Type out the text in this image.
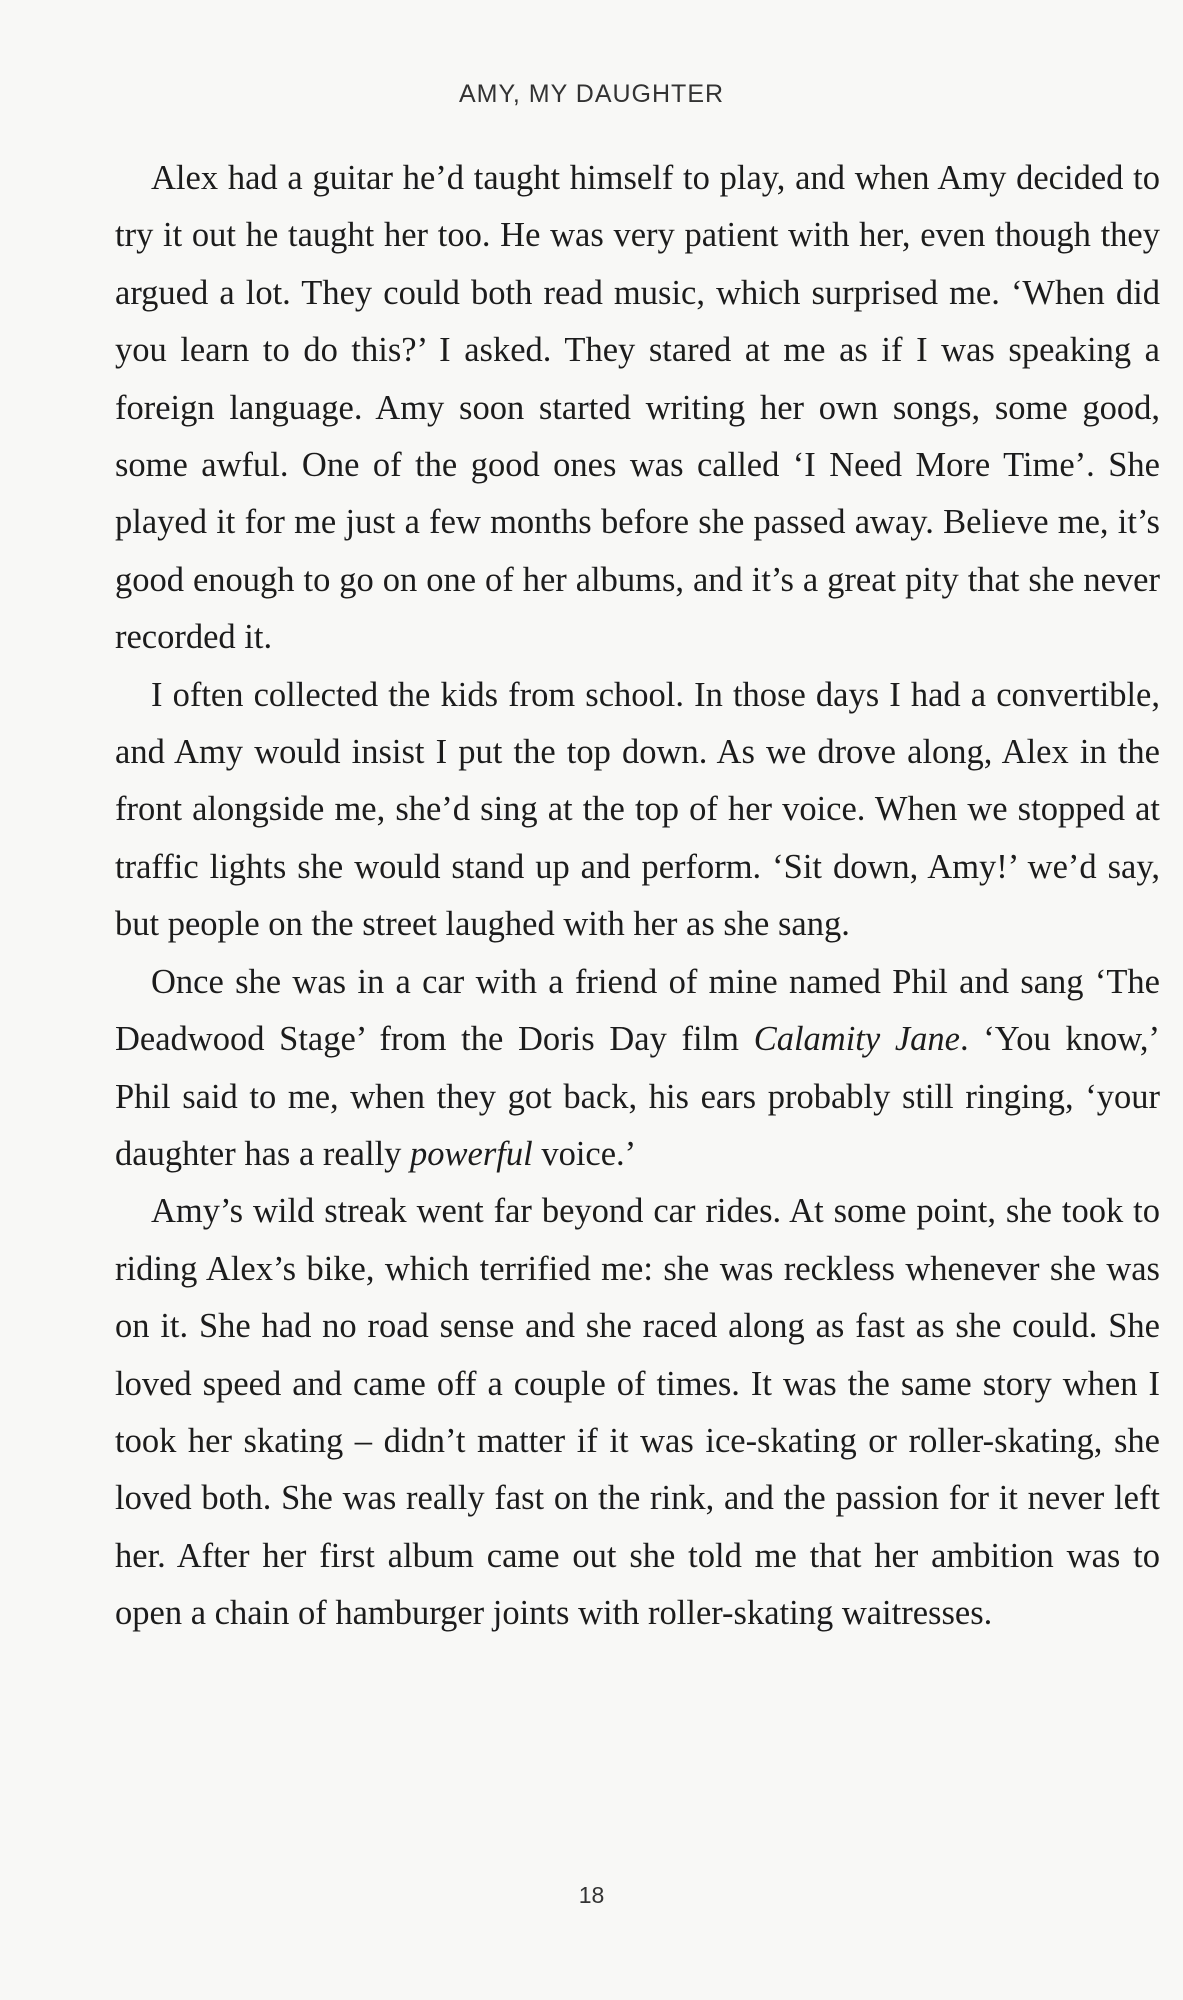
AMY, MY DAUGHTER

Alex had a guitar he’d taught himself to play, and when Amy decided to try it out he taught her too. He was very patient with her, even though they argued a lot. They could both read music, which surprised me. ‘When did you learn to do this?’ I asked. They stared at me as if I was speaking a foreign language. Amy soon started writing her own songs, some good, some awful. One of the good ones was called ‘I Need More Time’. She played it for me just a few months before she passed away. Believe me, it’s good enough to go on one of her albums, and it’s a great pity that she never recorded it.

I often collected the kids from school. In those days I had a convertible, and Amy would insist I put the top down. As we drove along, Alex in the front alongside me, she’d sing at the top of her voice. When we stopped at traffic lights she would stand up and perform. ‘Sit down, Amy!’ we’d say, but people on the street laughed with her as she sang.

Once she was in a car with a friend of mine named Phil and sang ‘The Deadwood Stage’ from the Doris Day film Calamity Jane. ‘You know,’ Phil said to me, when they got back, his ears probably still ringing, ‘your daughter has a really powerful voice.’

Amy’s wild streak went far beyond car rides. At some point, she took to riding Alex’s bike, which terrified me: she was reckless whenever she was on it. She had no road sense and she raced along as fast as she could. She loved speed and came off a couple of times. It was the same story when I took her skating – didn’t matter if it was ice-skating or roller-skating, she loved both. She was really fast on the rink, and the passion for it never left her. After her first album came out she told me that her ambition was to open a chain of hamburger joints with roller-skating waitresses.

18
